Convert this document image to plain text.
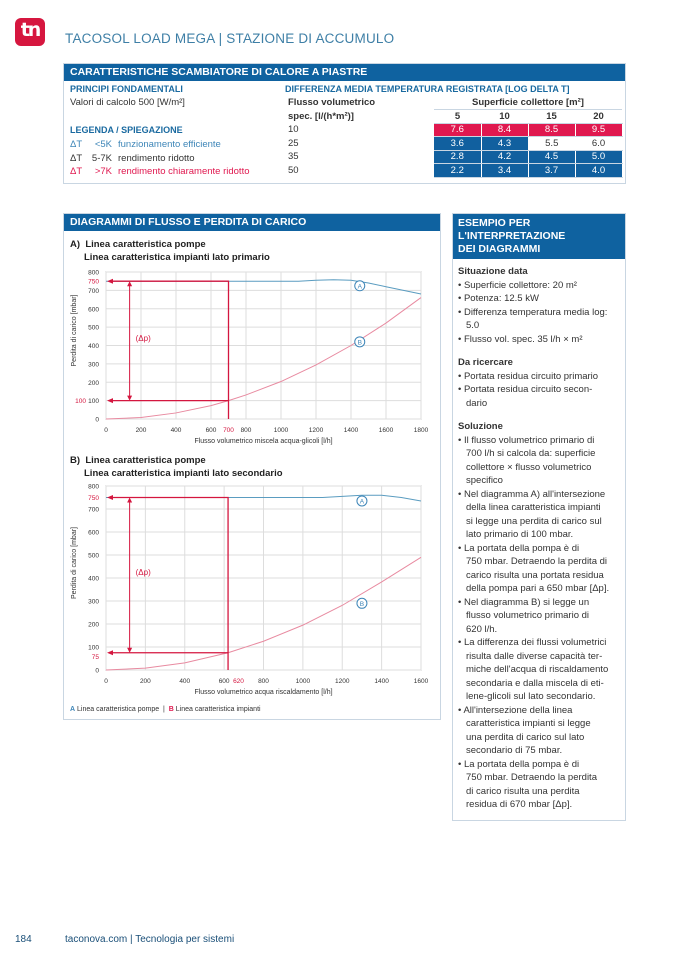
tn	TACOSOL LOAD MEGA | STAZIONE DI ACCUMULO
CARATTERISTICHE SCAMBIATORE DI CALORE A PIASTRE
PRINCIPI FONDAMENTALI
Valori di calcolo 500 [W/m²]
LEGENDA / SPIEGAZIONE
ΔT <5K funzionamento efficiente
ΔT 5-7K rendimento ridotto
ΔT >7K rendimento chiaramente ridotto
DIFFERENZA MEDIA TEMPERATURA REGISTRATA [LOG DELTA T]
Flusso volumetrico	Superficie collettore [m²]			
spec. [l/(h*m²)]	5	10	15	20
10	7.6	8.4	8.5	9.5
25	3.6	4.3	5.5	6.0
35	2.8	4.2	4.5	5.0
50	2.2	3.4	3.7	4.0
DIAGRAMMI DI FLUSSO E PERDITA DI CARICO
A) Linea caratteristica pompe
Linea caratteristica impianti lato primario
0	200	400	600	800	1000	1200	1400	1600	1800
0
100
200
300
400
500
600
700
800
Flusso volumetrico miscela acqua-glicoli [l/h]
Perdita di carico [mbar]
A
B
(Δp)
750
100
700
B) Linea caratteristica pompe
Linea caratteristica impianti lato secondario
0	200	400	600	800	1000	1200	1400	1600
0
100
200
300
400
500
600
700
800
Flusso volumetrico acqua riscaldamento [l/h]
Perdita di carico [mbar]
A
B
(Δp)
750
75
620
A Linea caratteristica pompe | B Linea caratteristica impianti
ESEMPIO PER L'INTERPRETAZIONE
DEI DIAGRAMMI
Situazione data
• Superficie collettore: 20 m²
• Potenza: 12.5 kW
• Differenza temperatura media log:
5.0
• Flusso vol. spec. 35 l/h × m²
Da ricercare
• Portata residua circuito primario
• Portata residua circuito secon-
dario
Soluzione
• Il flusso volumetrico primario di
700 l/h si calcola da: superficie
collettore × flusso volumetrico
specifico
• Nel diagramma A) all'intersezione
della linea caratteristica impianti
si legge una perdita di carico sul
lato primario di 100 mbar.
• La portata della pompa è di
750 mbar. Detraendo la perdita di
carico risulta una portata residua
della pompa pari a 650 mbar [Δp].
• Nel diagramma B) si legge un
flusso volumetrico primario di
620 l/h.
• La differenza dei flussi volumetrici
risulta dalle diverse capacità ter-
miche dell'acqua di riscaldamento
secondaria e dalla miscela di eti-
lene-glicoli sul lato secondario.
• All'intersezione della linea
caratteristica impianti si legge
una perdita di carico sul lato
secondario di 75 mbar.
• La portata della pompa è di
750 mbar. Detraendo la perdita
di carico risulta una perdita
residua di 670 mbar [Δp].
184	taconova.com | Tecnologia per sistemi
